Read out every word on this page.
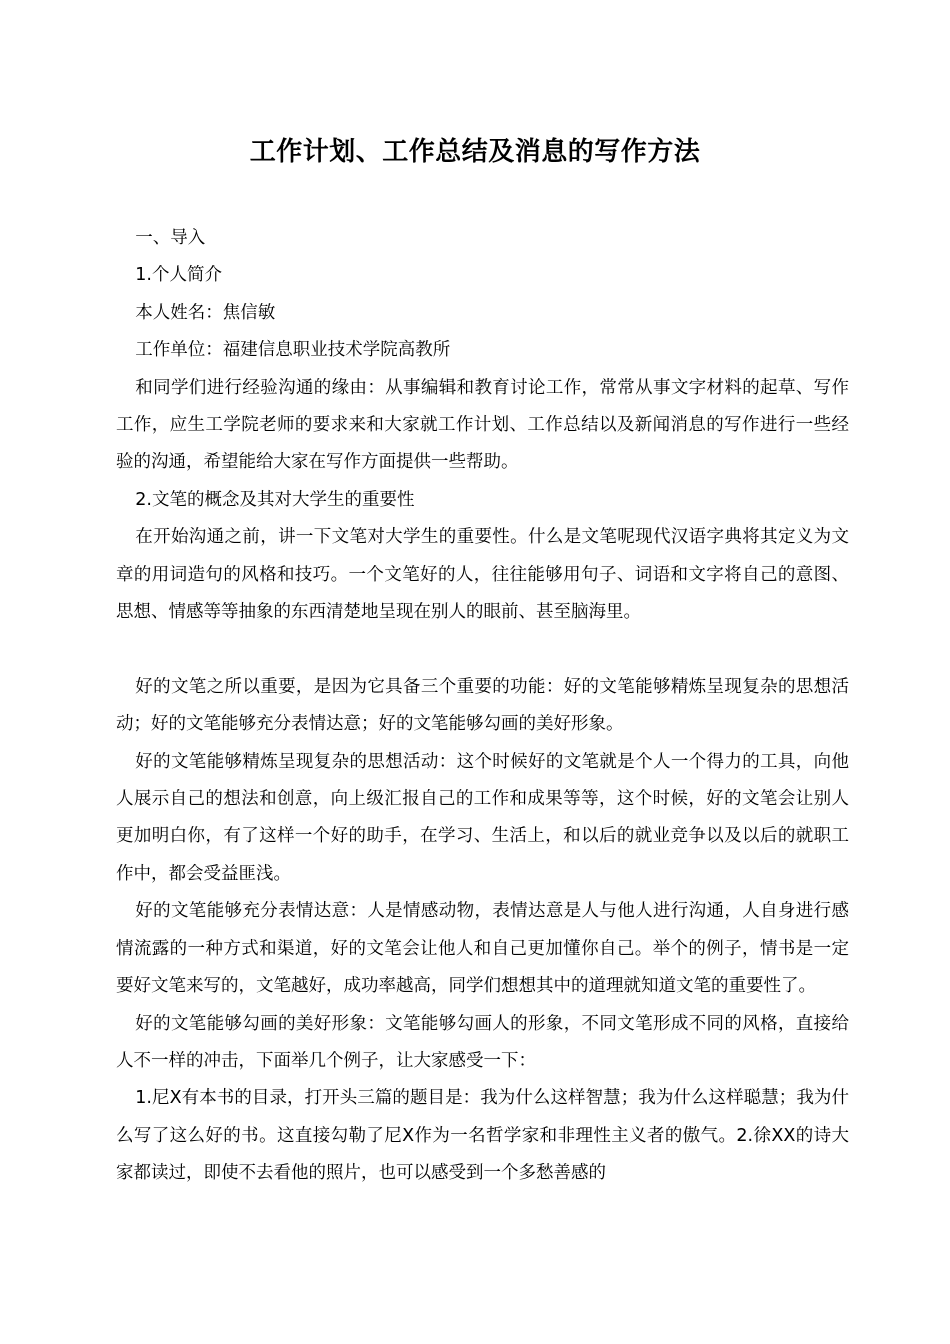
工作计划、工作总结及消息的写作方法

一、导入

1.个人简介

本人姓名：焦信敏

工作单位：福建信息职业技术学院高教所

和同学们进行经验沟通的缘由：从事编辑和教育讨论工作，常常从事文字材料的起草、写作工作，应生工学院老师的要求来和大家就工作计划、工作总结以及新闻消息的写作进行一些经验的沟通，希望能给大家在写作方面提供一些帮助。

2.文笔的概念及其对大学生的重要性

在开始沟通之前，讲一下文笔对大学生的重要性。什么是文笔呢现代汉语字典将其定义为文章的用词造句的风格和技巧。一个文笔好的人，往往能够用句子、词语和文字将自己的意图、思想、情感等等抽象的东西清楚地呈现在别人的眼前、甚至脑海里。

好的文笔之所以重要，是因为它具备三个重要的功能：好的文笔能够精炼呈现复杂的思想活动；好的文笔能够充分表情达意；好的文笔能够勾画的美好形象。

好的文笔能够精炼呈现复杂的思想活动：这个时候好的文笔就是个人一个得力的工具，向他人展示自己的想法和创意，向上级汇报自己的工作和成果等等，这个时候，好的文笔会让别人更加明白你，有了这样一个好的助手，在学习、生活上，和以后的就业竞争以及以后的就职工作中，都会受益匪浅。

好的文笔能够充分表情达意：人是情感动物，表情达意是人与他人进行沟通，人自身进行感情流露的一种方式和渠道，好的文笔会让他人和自己更加懂你自己。举个的例子，情书是一定要好文笔来写的，文笔越好，成功率越高，同学们想想其中的道理就知道文笔的重要性了。

好的文笔能够勾画的美好形象：文笔能够勾画人的形象，不同文笔形成不同的风格，直接给人不一样的冲击，下面举几个例子，让大家感受一下：

1.尼X有本书的目录，打开头三篇的题目是：我为什么这样智慧；我为什么这样聪慧；我为什么写了这么好的书。这直接勾勒了尼X作为一名哲学家和非理性主义者的傲气。2.徐XX的诗大家都读过，即使不去看他的照片，也可以感受到一个多愁善感的
